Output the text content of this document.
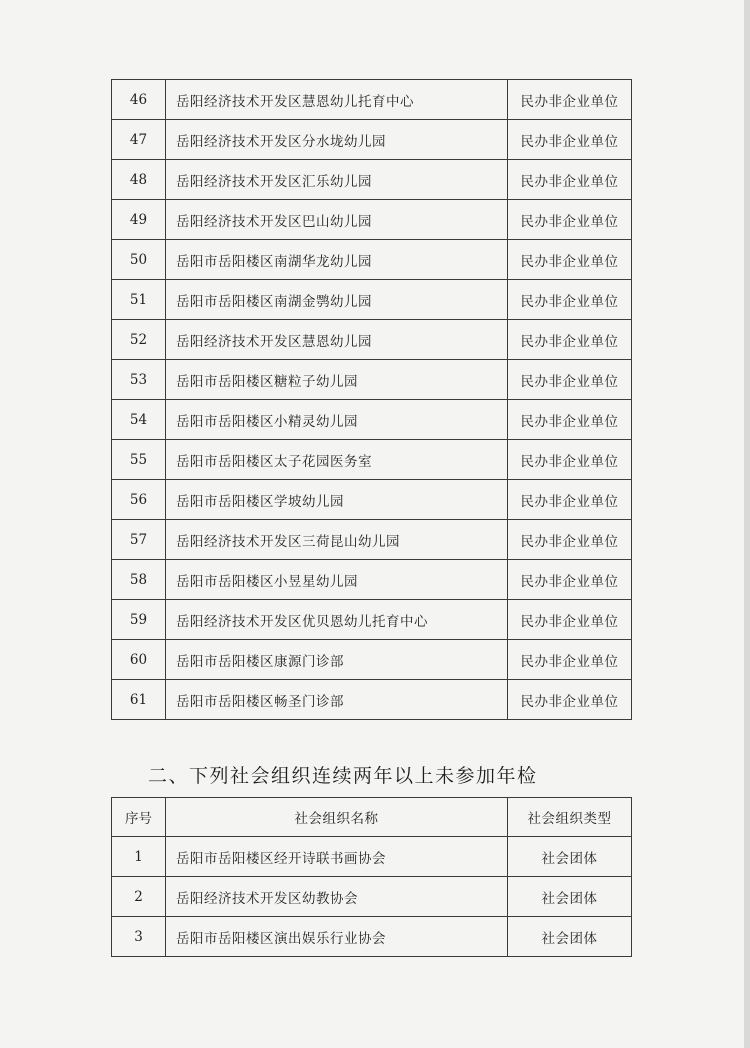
46	岳阳经济技术开发区慧恩幼儿托育中心	民办非企业单位
47	岳阳经济技术开发区分水垅幼儿园	民办非企业单位
48	岳阳经济技术开发区汇乐幼儿园	民办非企业单位
49	岳阳经济技术开发区巴山幼儿园	民办非企业单位
50	岳阳市岳阳楼区南湖华龙幼儿园	民办非企业单位
51	岳阳市岳阳楼区南湖金鹗幼儿园	民办非企业单位
52	岳阳经济技术开发区慧恩幼儿园	民办非企业单位
53	岳阳市岳阳楼区糖粒子幼儿园	民办非企业单位
54	岳阳市岳阳楼区小精灵幼儿园	民办非企业单位
55	岳阳市岳阳楼区太子花园医务室	民办非企业单位
56	岳阳市岳阳楼区学坡幼儿园	民办非企业单位
57	岳阳经济技术开发区三荷昆山幼儿园	民办非企业单位
58	岳阳市岳阳楼区小昱星幼儿园	民办非企业单位
59	岳阳经济技术开发区优贝恩幼儿托育中心	民办非企业单位
60	岳阳市岳阳楼区康源门诊部	民办非企业单位
61	岳阳市岳阳楼区畅圣门诊部	民办非企业单位
二、下列社会组织连续两年以上未参加年检
序号	社会组织名称	社会组织类型
1	岳阳市岳阳楼区经开诗联书画协会	社会团体
2	岳阳经济技术开发区幼教协会	社会团体
3	岳阳市岳阳楼区演出娱乐行业协会	社会团体
